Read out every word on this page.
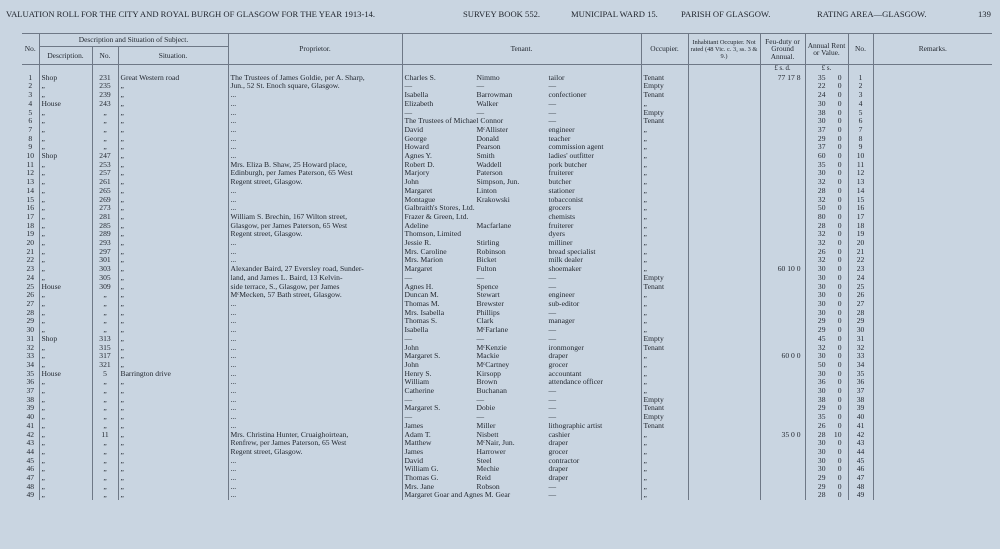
VALUATION ROLL FOR THE CITY AND ROYAL BURGH OF GLASGOW FOR THE YEAR 1913-14.	SURVEY BOOK 552.	MUNICIPAL WARD 15.	PARISH OF GLASGOW.	RATING AREA—GLASGOW.	139
No.	Description and Situation of Subject.			Proprietor.	Tenant.	Occupier.	Inhabitant Occupier. Not rated (48 Vic. c. 3, ss. 3 & 9.)	Feu-duty or Ground Annual.	Annual Rent or Value.	No.	Remarks.
	Description.	No.	Situation.								
								£ s. d.	£ s.		
1	Shop	231	Great Western road	The Trustees of James Goldie, per A. Sharp,	Charles S. Nimmo tailor	Tenant		77 17 8	35 0	1	
2	„	235	„	Jun., 52 St. Enoch square, Glasgow.	— — —	Empty			22 0	2	
3	„	239	„	...	Isabella Barrowman confectioner	Tenant			24 0	3	
4	House	243	„	...	Elizabeth Walker —	„			30 0	4	
5	„	„	„	...	— — —	Empty			38 0	5	
6	„	„	„	...	The Trustees of Michael Connor —	Tenant			30 0	6	
7	„	„	„	...	David MᶜAllister engineer	„			37 0	7	
8	„	„	„	...	George Donald teacher	„			29 0	8	
9	„	„	„	...	Howard Pearson commission agent	„			37 0	9	
10	Shop	247	„	...	Agnes Y. Smith ladies' outfitter	„			60 0	10	
11	„	253	„	Mrs. Eliza B. Shaw, 25 Howard place,	Robert D. Waddell pork butcher	„			35 0	11	
12	„	257	„	Edinburgh, per James Paterson, 65 West	Marjory Paterson fruiterer	„			30 0	12	
13	„	261	„	Regent street, Glasgow.	John Simpson, Jun. butcher	„			32 0	13	
14	„	265	„	...	Margaret Linton stationer	„			28 0	14	
15	„	269	„	...	Montague Krakowski tobacconist	„			32 0	15	
16	„	273	„	...	Galbraith's Stores, Ltd. grocers	„			50 0	16	
17	„	281	„	William S. Brechin, 167 Wilton street,	Frazer & Green, Ltd. chemists	„			80 0	17	
18	„	285	„	Glasgow, per James Paterson, 65 West	Adeline Macfarlane fruiterer	„			28 0	18	
19	„	289	„	Regent street, Glasgow.	Thomson, Limited dyers	„			32 0	19	
20	„	293	„	...	Jessie R. Stirling milliner	„			32 0	20	
21	„	297	„	...	Mrs. Caroline Robinson bread specialist	„			26 0	21	
22	„	301	„	...	Mrs. Marion Bicket milk dealer	„			32 0	22	
23	„	303	„	Alexander Baird, 27 Eversley road, Sunder-	Margaret Fulton shoemaker	„		60 10 0	30 0	23	
24	„	305	„	land, and James L. Baird, 13 Kelvin-	— — —	Empty			30 0	24	
25	House	309	„	side terrace, S., Glasgow, per James	Agnes H. Spence —	Tenant			30 0	25	
26	„	„	„	MᶜMecken, 57 Bath street, Glasgow.	Duncan M. Stewart engineer	„			30 0	26	
27	„	„	„	...	Thomas M. Brewster sub-editor	„			30 0	27	
28	„	„	„	...	Mrs. Isabella Phillips —	„			30 0	28	
29	„	„	„	...	Thomas S. Clark manager	„			29 0	29	
30	„	„	„	...	Isabella MᶜFarlane —	„			29 0	30	
31	Shop	313	„	...	— — —	Empty			45 0	31	
32	„	315	„	...	John MᶜKenzie ironmonger	Tenant			32 0	32	
33	„	317	„	...	Margaret S. Mackie draper	„		60 0 0	30 0	33	
34	„	321	„	...	John MᶜCartney grocer	„			50 0	34	
35	House	5	Barrington drive	...	Henry S. Kirsopp accountant	„			30 0	35	
36	„	„	„	...	William Brown attendance officer	„			36 0	36	
37	„	„	„	...	Catherine Buchanan —	„			30 0	37	
38	„	„	„	...	— — —	Empty			38 0	38	
39	„	„	„	...	Margaret S. Dobie —	Tenant			29 0	39	
40	„	„	„	...	— — —	Empty			35 0	40	
41	„	„	„	...	James Miller lithographic artist	Tenant			26 0	41	
42	„	11	„	Mrs. Christina Hunter, Cruaighoirtean,	Adam T. Nisbett cashier	„		35 0 0	28 10	42	
43	„	„	„	Renfrew, per James Paterson, 65 West	Matthew MᶜNair, Jun. draper	„			30 0	43	
44	„	„	„	Regent street, Glasgow.	James Harrower grocer	„			30 0	44	
45	„	„	„	...	David Steel contractor	„			30 0	45	
46	„	„	„	...	William G. Mechie draper	„			30 0	46	
47	„	„	„	...	Thomas G. Reid draper	„			29 0	47	
48	„	„	„	...	Mrs. Jane Robson —	„			29 0	48	
49	„	„	„	...	Margaret Goar and Agnes M. Gear —	„			28 0	49	
